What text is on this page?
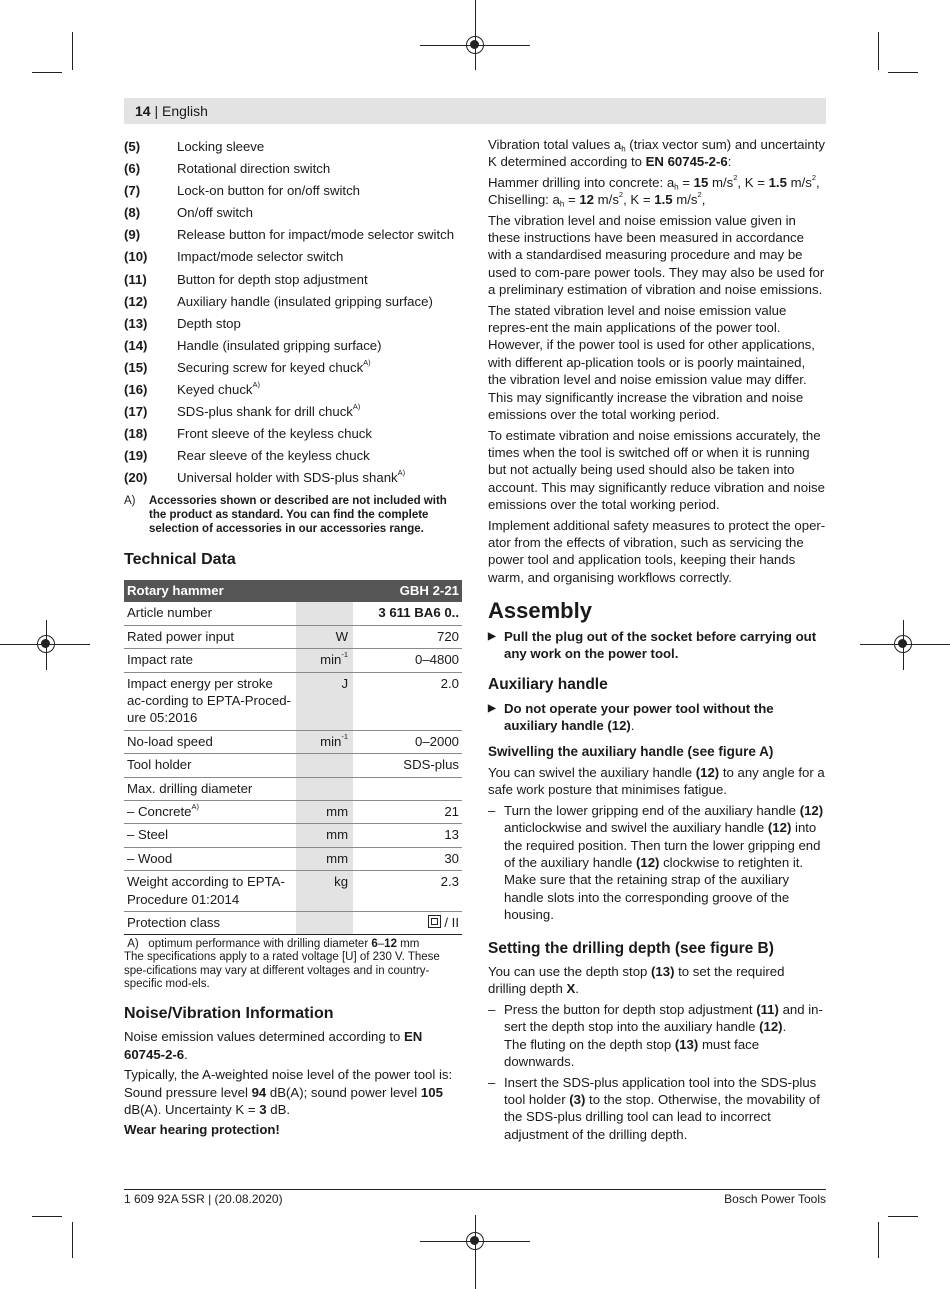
14 | English
(5)	Locking sleeve
(6)	Rotational direction switch
(7)	Lock-on button for on/off switch
(8)	On/off switch
(9)	Release button for impact/mode selector switch
(10)	Impact/mode selector switch
(11)	Button for depth stop adjustment
(12)	Auxiliary handle (insulated gripping surface)
(13)	Depth stop
(14)	Handle (insulated gripping surface)
(15)	Securing screw for keyed chuck$^{A)}$
(16)	Keyed chuck$^{A)}$
(17)	SDS-plus shank for drill chuck$^{A)}$
(18)	Front sleeve of the keyless chuck
(19)	Rear sleeve of the keyless chuck
(20)	Universal holder with SDS-plus shank$^{A)}$
A)	Accessories shown or described are not included with the product as standard. You can find the complete selection of accessories in our accessories range.
Technical Data
Rotary hammer		GBH 2-21
Article number		3 611 BA6 0..
Rated power input	W	720
Impact rate	$\min^{-1}$	0–4800
Impact energy per stroke ac-cording to EPTA-Proced-ure 05:2016	J	2.0
No-load speed	$\min^{-1}$	0–2000
Tool holder		SDS-plus
Max. drilling diameter		
– Concrete$^{A)}$	mm	21
– Steel	mm	13
– Wood	mm	30
Weight according to EPTA-Procedure 01:2014	kg	2.3
Protection class		/ II
A) optimum performance with drilling diameter 6–12 mm
The specifications apply to a rated voltage [U] of 230 V. These spe-cifications may vary at different voltages and in country-specific mod-els.
Noise/Vibration Information

Noise emission values determined according to EN 60745-2-6.

Typically, the A-weighted noise level of the power tool is: Sound pressure level 94 dB(A); sound power level 105 dB(A). Uncertainty K = 3 dB.

Wear hearing protection!

Vibration total values ah (triax vector sum) and uncertainty K determined according to EN 60745-2-6:

Hammer drilling into concrete: ah = 15 $m/s^2$, K = 1.5 $m/s^2$,

Chiselling: ah = 12 $m/s^2$, K = 1.5 $m/s^2$,

The vibration level and noise emission value given in these instructions have been measured in accordance with a standardised measuring procedure and may be used to com-pare power tools. They may also be used for a preliminary estimation of vibration and noise emissions.

The stated vibration level and noise emission value repres-ent the main applications of the power tool. However, if the power tool is used for other applications, with different ap-plication tools or is poorly maintained, the vibration level and noise emission value may differ. This may significantly increase the vibration and noise emissions over the total working period.

To estimate vibration and noise emissions accurately, the times when the tool is switched off or when it is running but not actually being used should also be taken into account. This may significantly reduce vibration and noise emissions over the total working period.

Implement additional safety measures to protect the oper-ator from the effects of vibration, such as servicing the power tool and application tools, keeping their hands warm, and organising workflows correctly.

Assembly
▶ Pull the plug out of the socket before carrying out any work on the power tool.
Auxiliary handle
▶ Do not operate your power tool without the auxiliary handle (12).
Swivelling the auxiliary handle (see figure A)

You can swivel the auxiliary handle (12) to any angle for a safe work posture that minimises fatigue.

– Turn the lower gripping end of the auxiliary handle (12) anticlockwise and swivel the auxiliary handle (12) into the required position. Then turn the lower gripping end of the auxiliary handle (12) clockwise to retighten it.
Make sure that the retaining strap of the auxiliary handle slots into the corresponding groove of the housing.
Setting the drilling depth (see figure B)

You can use the depth stop (13) to set the required drilling depth X.

– Press the button for depth stop adjustment (11) and in-sert the depth stop into the auxiliary handle (12).
The fluting on the depth stop (13) must face downwards.
– Insert the SDS-plus application tool into the SDS-plus tool holder (3) to the stop. Otherwise, the movability of the SDS-plus drilling tool can lead to incorrect adjustment of the drilling depth.
1 609 92A 5SR | (20.08.2020)	Bosch Power Tools
